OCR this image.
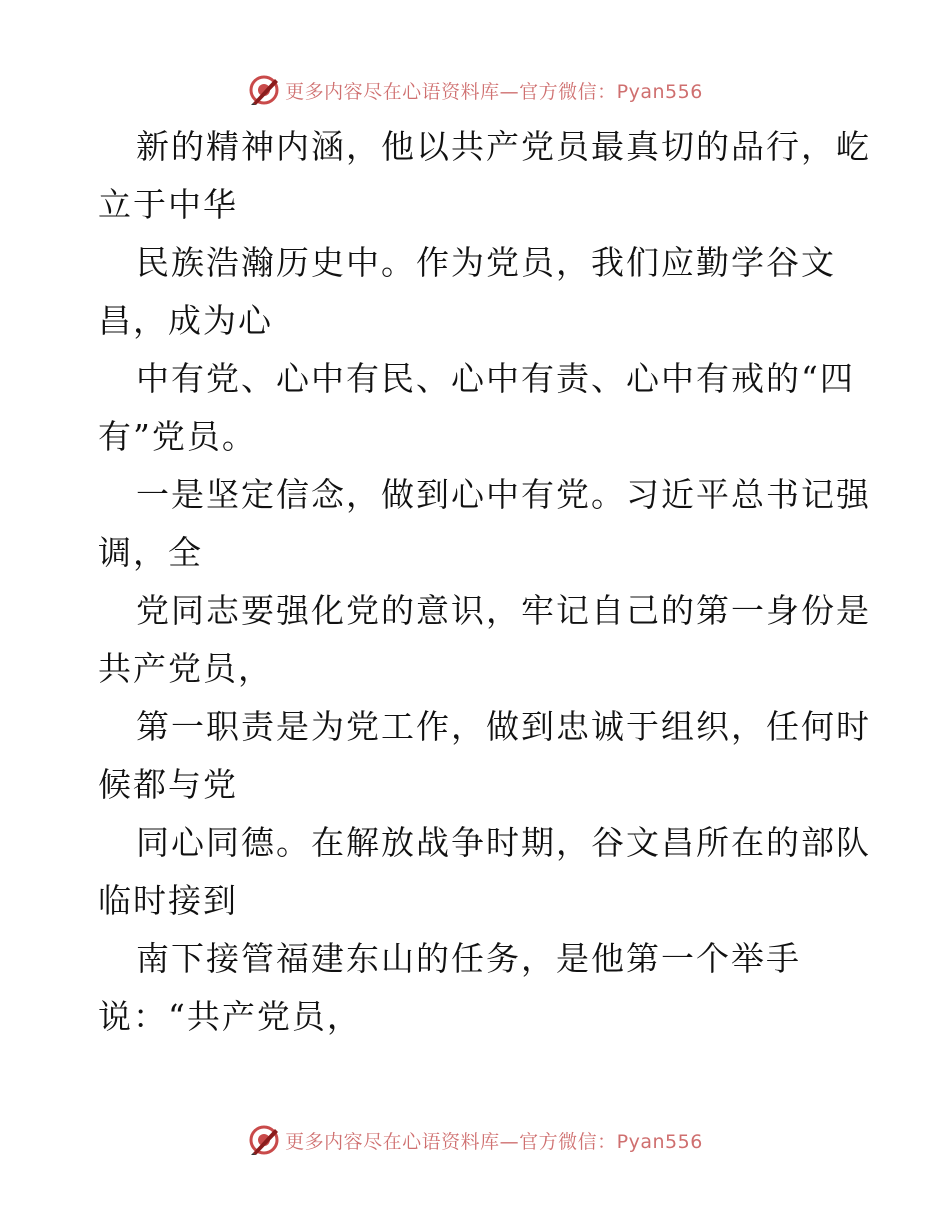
更多内容尽在心语资料库—官方微信：Pyan556

新的精神内涵，他以共产党员最真切的品行，屹
立于中华

民族浩瀚历史中。作为党员，我们应勤学谷文
昌，成为心

中有党、心中有民、心中有责、心中有戒的“四
有”党员。

一是坚定信念，做到心中有党。习近平总书记强
调，全

党同志要强化党的意识，牢记自己的第一身份是
共产党员，

第一职责是为党工作，做到忠诚于组织，任何时
候都与党

同心同德。在解放战争时期，谷文昌所在的部队
临时接到

南下接管福建东山的任务，是他第一个举手
说：“共产党员，

更多内容尽在心语资料库—官方微信：Pyan556
